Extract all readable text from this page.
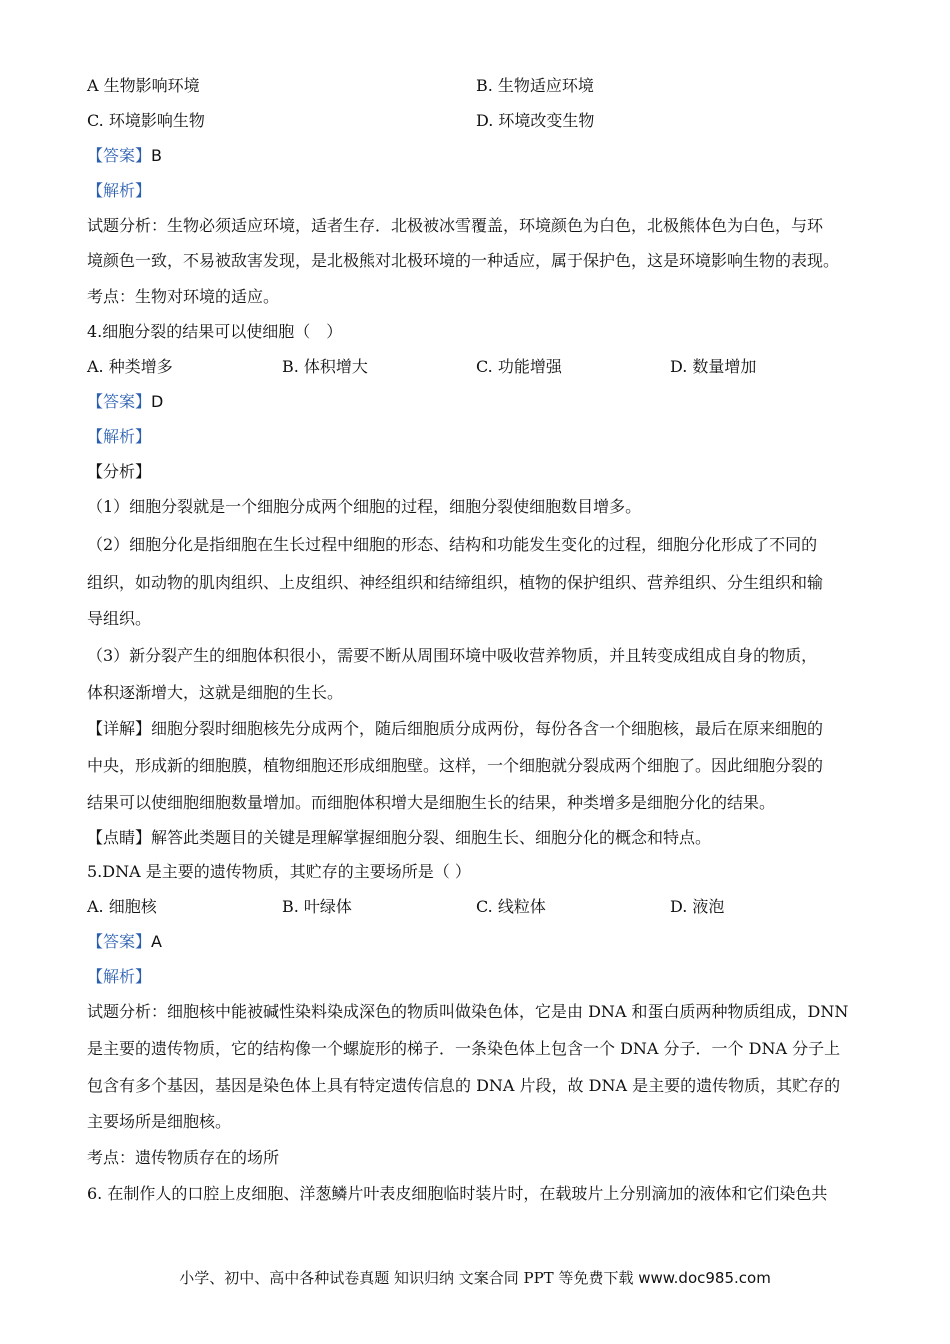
A 生物影响环境	B. 生物适应环境
C. 环境影响生物	D. 环境改变生物
【答案】B
【解析】
试题分析：生物必须适应环境，适者生存．北极被冰雪覆盖，环境颜色为白色，北极熊体色为白色，与环
境颜色一致，不易被敌害发现，是北极熊对北极环境的一种适应，属于保护色，这是环境影响生物的表现。
考点：生物对环境的适应。
4.细胞分裂的结果可以使细胞（　）
A. 种类增多	B. 体积增大	C. 功能增强	D. 数量增加
【答案】D
【解析】
【分析】
（1）细胞分裂就是一个细胞分成两个细胞的过程，细胞分裂使细胞数目增多。
（2）细胞分化是指细胞在生长过程中细胞的形态、结构和功能发生变化的过程，细胞分化形成了不同的
组织，如动物的肌肉组织、上皮组织、神经组织和结缔组织，植物的保护组织、营养组织、分生组织和输
导组织。
（3）新分裂产生的细胞体积很小，需要不断从周围环境中吸收营养物质，并且转变成组成自身的物质，
体积逐渐增大，这就是细胞的生长。
【详解】细胞分裂时细胞核先分成两个，随后细胞质分成两份，每份各含一个细胞核，最后在原来细胞的
中央，形成新的细胞膜，植物细胞还形成细胞壁。这样，一个细胞就分裂成两个细胞了。因此细胞分裂的
结果可以使细胞细胞数量增加。而细胞体积增大是细胞生长的结果，种类增多是细胞分化的结果。
【点睛】解答此类题目的关键是理解掌握细胞分裂、细胞生长、细胞分化的概念和特点。
5.DNA 是主要的遗传物质，其贮存的主要场所是（ ）
A. 细胞核	B. 叶绿体	C. 线粒体	D. 液泡
【答案】A
【解析】
试题分析：细胞核中能被碱性染料染成深色的物质叫做染色体，它是由 DNA 和蛋白质两种物质组成，DNN
是主要的遗传物质，它的结构像一个螺旋形的梯子．一条染色体上包含一个 DNA 分子．一个 DNA 分子上
包含有多个基因，基因是染色体上具有特定遗传信息的 DNA 片段，故 DNA 是主要的遗传物质，其贮存的
主要场所是细胞核。
考点：遗传物质存在的场所
6. 在制作人的口腔上皮细胞、洋葱鳞片叶表皮细胞临时装片时，在载玻片上分别滴加的液体和它们染色共
小学、初中、高中各种试卷真题 知识归纳 文案合同 PPT 等免费下载 www.doc985.com
